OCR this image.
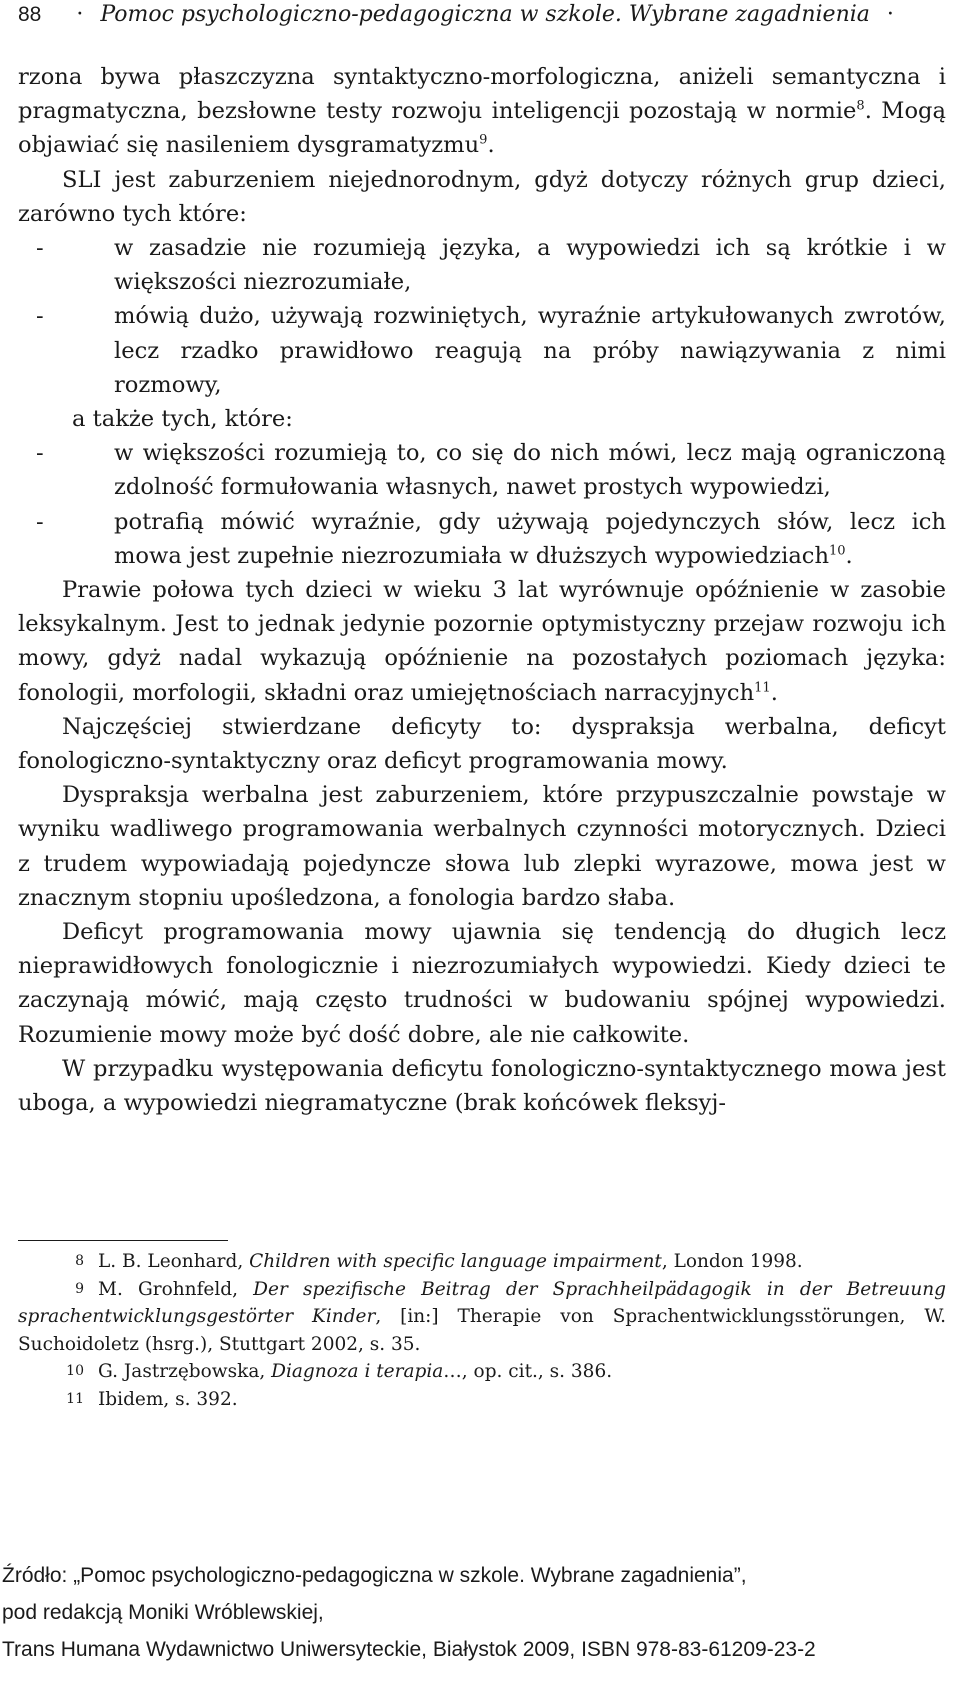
88 · Pomoc psychologiczno-pedagogiczna w szkole. Wybrane zagadnienia ·

rzona bywa płaszczyzna syntaktyczno-morfologiczna, aniżeli semantyczna i pragmatyczna, bezsłowne testy rozwoju inteligencji pozostają w normie$^8$. Mogą objawiać się nasileniem dysgramatyzmu$^9$.

SLI jest zaburzeniem niejednorodnym, gdyż dotyczy różnych grup dzieci, zarówno tych które:

-	w zasadzie nie rozumieją języka, a wypowiedzi ich są krótkie i w większości niezrozumiałe,
-	mówią dużo, używają rozwiniętych, wyraźnie artykułowanych zwrotów, lecz rzadko prawidłowo reagują na próby nawiązywania z nimi rozmowy,
a także tych, które:
-	w większości rozumieją to, co się do nich mówi, lecz mają ograniczoną zdolność formułowania własnych, nawet prostych wypowiedzi,
-	potrafią mówić wyraźnie, gdy używają pojedynczych słów, lecz ich mowa jest zupełnie niezrozumiała w dłuższych wypowiedziach$^{10}$.

Prawie połowa tych dzieci w wieku 3 lat wyrównuje opóźnienie w zasobie leksykalnym. Jest to jednak jedynie pozornie optymistyczny przejaw rozwoju ich mowy, gdyż nadal wykazują opóźnienie na pozostałych poziomach języka: fonologii, morfologii, składni oraz umiejętnościach narracyjnych$^{11}$.

Najczęściej stwierdzane deficyty to: dyspraksja werbalna, deficyt fonologiczno-syntaktyczny oraz deficyt programowania mowy.

Dyspraksja werbalna jest zaburzeniem, które przypuszczalnie powstaje w wyniku wadliwego programowania werbalnych czynności motorycznych. Dzieci z trudem wypowiadają pojedyncze słowa lub zlepki wyrazowe, mowa jest w znacznym stopniu upośledzona, a fonologia bardzo słaba.

Deficyt programowania mowy ujawnia się tendencją do długich lecz nieprawidłowych fonologicznie i niezrozumiałych wypowiedzi. Kiedy dzieci te zaczynają mówić, mają często trudności w budowaniu spójnej wypowiedzi. Rozumienie mowy może być dość dobre, ale nie całkowite.

W przypadku występowania deficytu fonologiczno-syntaktycznego mowa jest uboga, a wypowiedzi niegramatyczne (brak końcówek fleksyj-

8 L. B. Leonhard, Children with specific language impairment, London 1998.

9 M. Grohnfeld, Der spezifische Beitrag der Sprachheilpädagogik in der Betreuung sprachentwicklungsgestörter Kinder, [in:] Therapie von Sprachentwicklungsstörungen, W. Suchoidoletz (hsrg.), Stuttgart 2002, s. 35.

10 G. Jastrzębowska, Diagnoza i terapia…, op. cit., s. 386.

11 Ibidem, s. 392.

Źródło: „Pomoc psychologiczno-pedagogiczna w szkole. Wybrane zagadnienia”,
pod redakcją Moniki Wróblewskiej,
Trans Humana Wydawnictwo Uniwersyteckie, Białystok 2009, ISBN 978-83-61209-23-2
